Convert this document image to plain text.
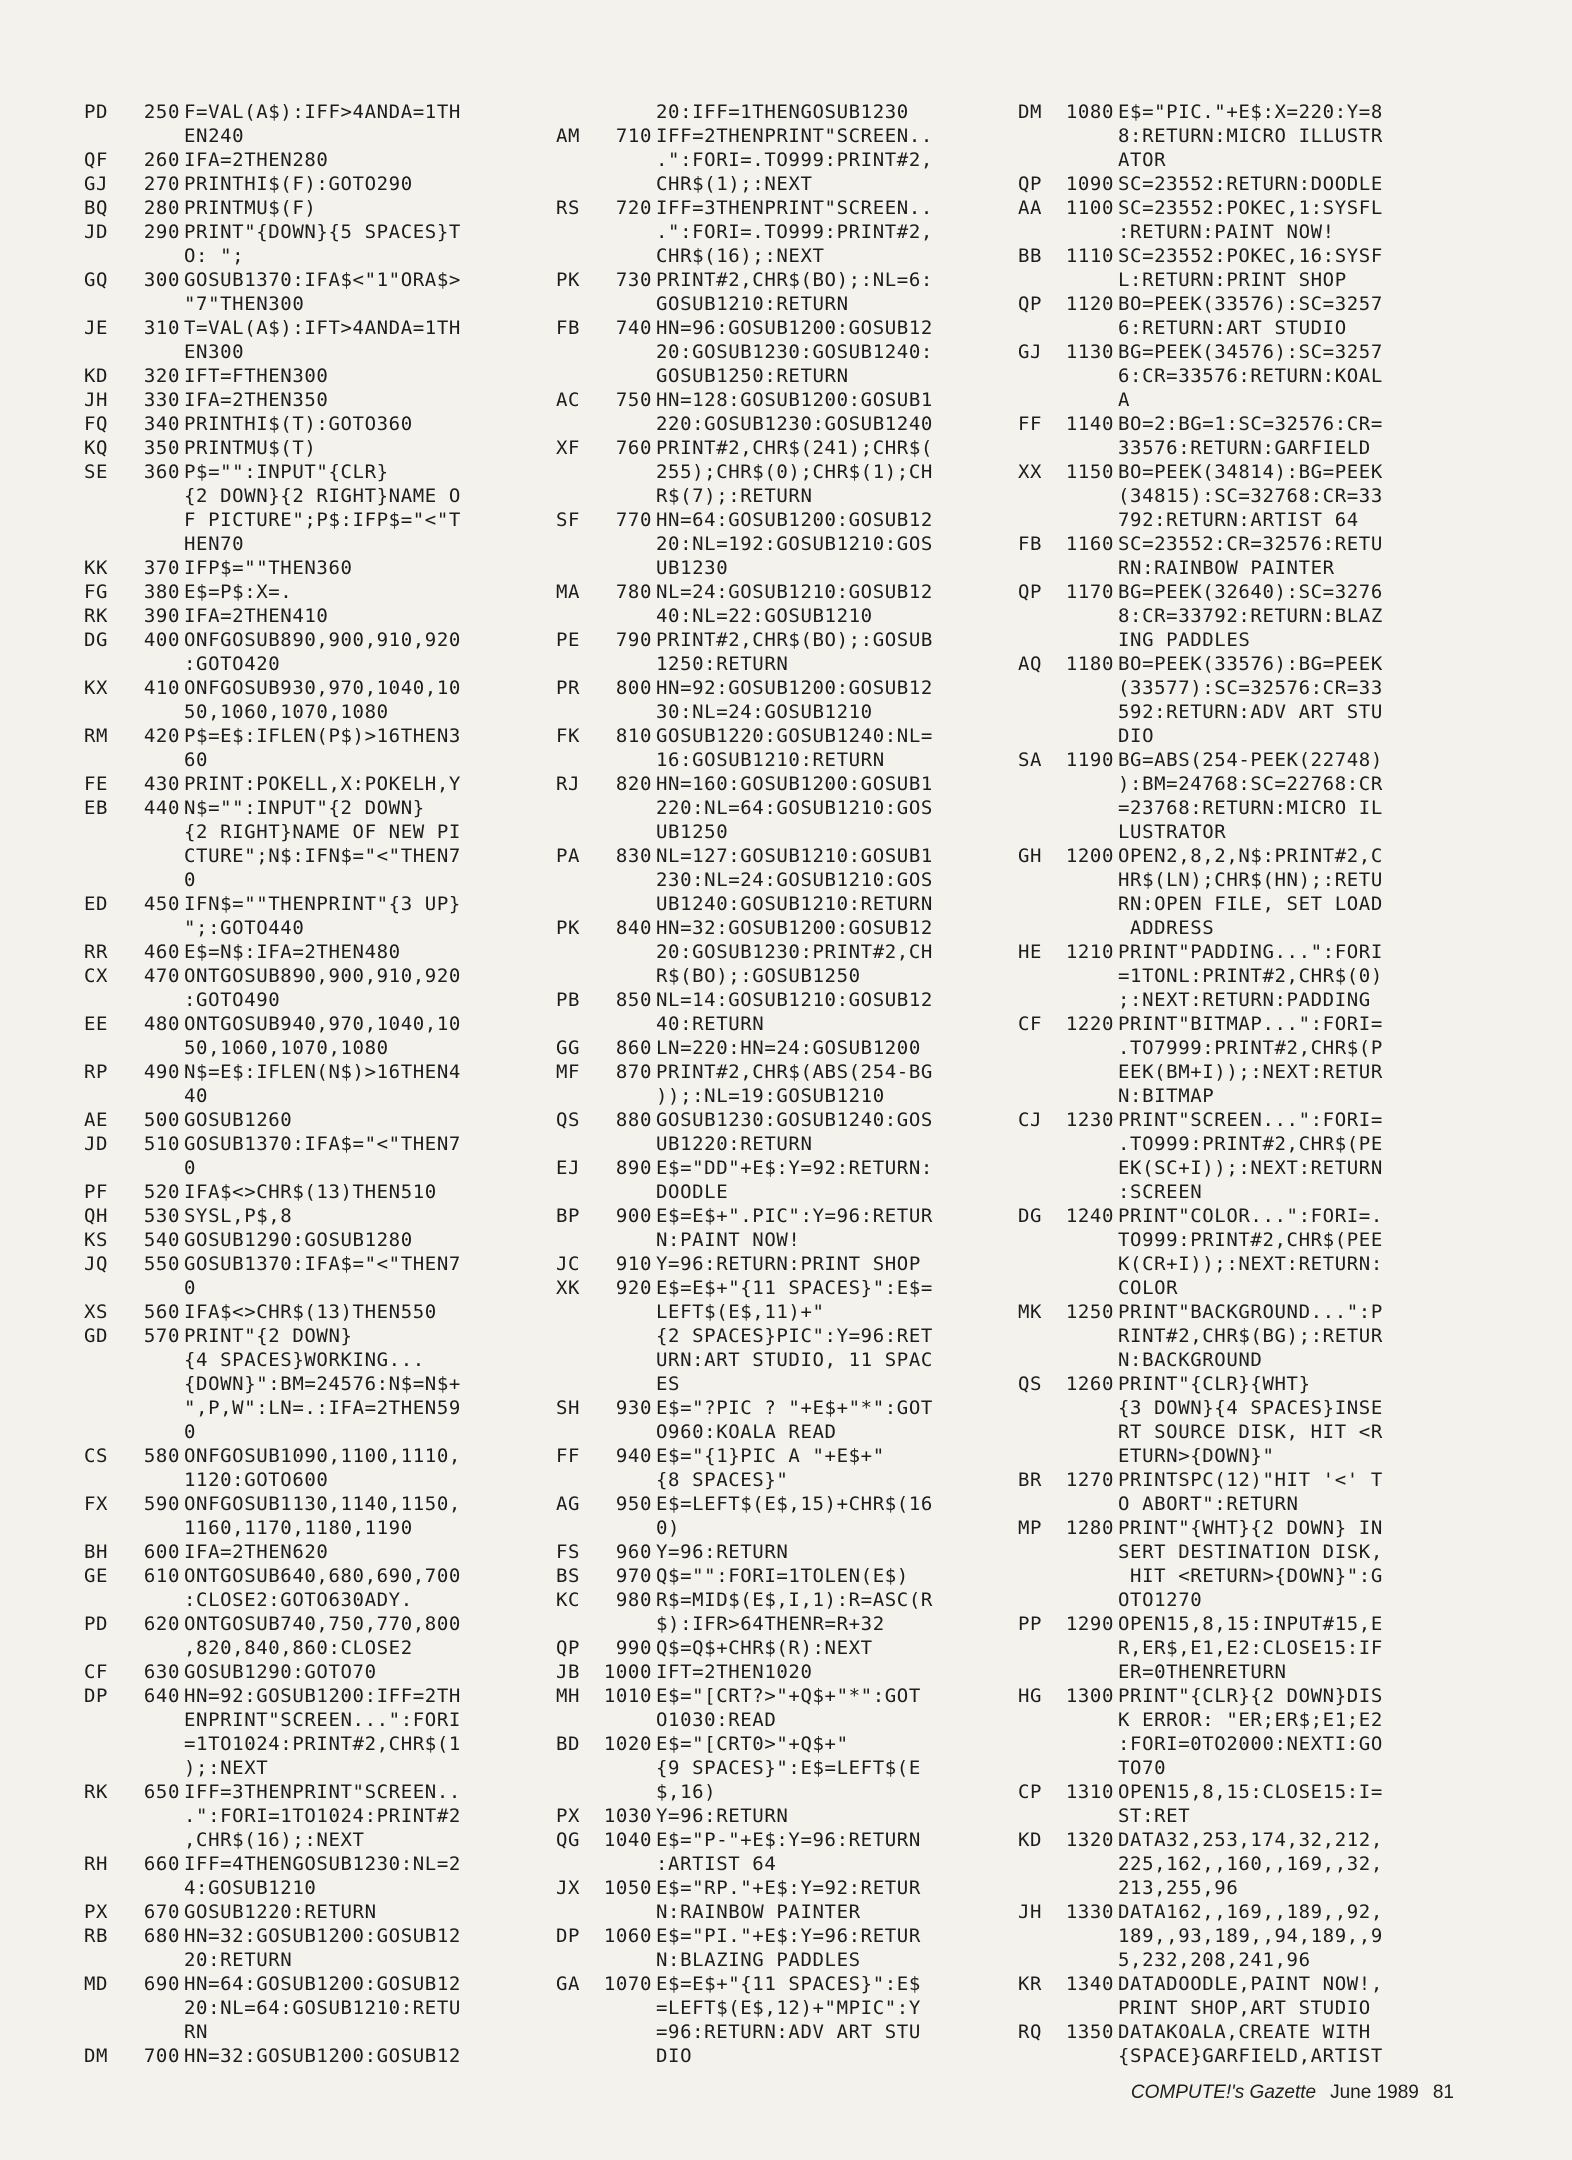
PD	250 F=VAL(A$):IFF>4ANDA=1TH
EN240
QF	260 IFA=2THEN280
GJ	270 PRINTHI$(F):GOTO290
BQ	280 PRINTMU$(F)
JD	290 PRINT"{DOWN}{5 SPACES}T
O: ";
GQ	300 GOSUB1370:IFA$<"1"ORA$>
"7"THEN300
JE	310 T=VAL(A$):IFT>4ANDA=1TH
EN300
KD	320 IFT=FTHEN300
JH	330 IFA=2THEN350
FQ	340 PRINTHI$(T):GOTO360
KQ	350 PRINTMU$(T)
SE	360 P$="":INPUT"{CLR}
{2 DOWN}{2 RIGHT}NAME O
F PICTURE";P$:IFP$="<"T
HEN70
KK	370 IFP$=""THEN360
FG	380 E$=P$:X=.
RK	390 IFA=2THEN410
DG	400 ONFGOSUB890,900,910,920
:GOTO420
KX	410 ONFGOSUB930,970,1040,10
50,1060,1070,1080
RM	420 P$=E$:IFLEN(P$)>16THEN3
60
FE	430 PRINT:POKELL,X:POKELH,Y
EB	440 N$="":INPUT"{2 DOWN}
{2 RIGHT}NAME OF NEW PI
CTURE";N$:IFN$="<"THEN7
0
ED	450 IFN$=""THENPRINT"{3 UP}
";:GOTO440
RR	460 E$=N$:IFA=2THEN480
CX	470 ONTGOSUB890,900,910,920
:GOTO490
EE	480 ONTGOSUB940,970,1040,10
50,1060,1070,1080
RP	490 N$=E$:IFLEN(N$)>16THEN4
40
AE	500 GOSUB1260
JD	510 GOSUB1370:IFA$="<"THEN7
0
PF	520 IFA$<>CHR$(13)THEN510
QH	530 SYSL,P$,8
KS	540 GOSUB1290:GOSUB1280
JQ	550 GOSUB1370:IFA$="<"THEN7
0
XS	560 IFA$<>CHR$(13)THEN550
GD	570 PRINT"{2 DOWN}
{4 SPACES}WORKING...
{DOWN}":BM=24576:N$=N$+
",P,W":LN=.:IFA=2THEN59
0
CS	580 ONFGOSUB1090,1100,1110,
1120:GOTO600
FX	590 ONFGOSUB1130,1140,1150,
1160,1170,1180,1190
BH	600 IFA=2THEN620
GE	610 ONTGOSUB640,680,690,700
:CLOSE2:GOTO630ADY.
PD	620 ONTGOSUB740,750,770,800
,820,840,860:CLOSE2
CF	630 GOSUB1290:GOTO70
DP	640 HN=92:GOSUB1200:IFF=2TH
ENPRINT"SCREEN...":FORI
=1TO1024:PRINT#2,CHR$(1
);:NEXT
RK	650 IFF=3THENPRINT"SCREEN..
.":FORI=1TO1024:PRINT#2
,CHR$(16);:NEXT
RH	660 IFF=4THENGOSUB1230:NL=2
4:GOSUB1210
PX	670 GOSUB1220:RETURN
RB	680 HN=32:GOSUB1200:GOSUB12
20:RETURN
MD	690 HN=64:GOSUB1200:GOSUB12
20:NL=64:GOSUB1210:RETU
RN
DM	700 HN=32:GOSUB1200:GOSUB12
20:IFF=1THENGOSUB1230
AM	710 IFF=2THENPRINT"SCREEN..
.":FORI=.TO999:PRINT#2,
CHR$(1);:NEXT
RS	720 IFF=3THENPRINT"SCREEN..
.":FORI=.TO999:PRINT#2,
CHR$(16);:NEXT
PK	730 PRINT#2,CHR$(BO);:NL=6:
GOSUB1210:RETURN
FB	740 HN=96:GOSUB1200:GOSUB12
20:GOSUB1230:GOSUB1240:
GOSUB1250:RETURN
AC	750 HN=128:GOSUB1200:GOSUB1
220:GOSUB1230:GOSUB1240
XF	760 PRINT#2,CHR$(241);CHR$(
255);CHR$(0);CHR$(1);CH
R$(7);:RETURN
SF	770 HN=64:GOSUB1200:GOSUB12
20:NL=192:GOSUB1210:GOS
UB1230
MA	780 NL=24:GOSUB1210:GOSUB12
40:NL=22:GOSUB1210
PE	790 PRINT#2,CHR$(BO);:GOSUB
1250:RETURN
PR	800 HN=92:GOSUB1200:GOSUB12
30:NL=24:GOSUB1210
FK	810 GOSUB1220:GOSUB1240:NL=
16:GOSUB1210:RETURN
RJ	820 HN=160:GOSUB1200:GOSUB1
220:NL=64:GOSUB1210:GOS
UB1250
PA	830 NL=127:GOSUB1210:GOSUB1
230:NL=24:GOSUB1210:GOS
UB1240:GOSUB1210:RETURN
PK	840 HN=32:GOSUB1200:GOSUB12
20:GOSUB1230:PRINT#2,CH
R$(BO);:GOSUB1250
PB	850 NL=14:GOSUB1210:GOSUB12
40:RETURN
GG	860 LN=220:HN=24:GOSUB1200
MF	870 PRINT#2,CHR$(ABS(254-BG
));:NL=19:GOSUB1210
QS	880 GOSUB1230:GOSUB1240:GOS
UB1220:RETURN
EJ	890 E$="DD"+E$:Y=92:RETURN:
DOODLE
BP	900 E$=E$+".PIC":Y=96:RETUR
N:PAINT NOW!
JC	910 Y=96:RETURN:PRINT SHOP
XK	920 E$=E$+"{11 SPACES}":E$=
LEFT$(E$,11)+"
{2 SPACES}PIC":Y=96:RET
URN:ART STUDIO, 11 SPAC
ES
SH	930 E$="?PIC ? "+E$+"*":GOT
O960:KOALA READ
FF	940 E$="{1}PIC A "+E$+"
{8 SPACES}"
AG	950 E$=LEFT$(E$,15)+CHR$(16
0)
FS	960 Y=96:RETURN
BS	970 Q$="":FORI=1TOLEN(E$)
KC	980 R$=MID$(E$,I,1):R=ASC(R
$):IFR>64THENR=R+32
QP	990 Q$=Q$+CHR$(R):NEXT
JB	1000 IFT=2THEN1020
MH	1010 E$="[CRT?>"+Q$+"*":GOT
O1030:READ
BD	1020 E$="[CRT0>"+Q$+"
{9 SPACES}":E$=LEFT$(E
$,16)
PX	1030 Y=96:RETURN
QG	1040 E$="P-"+E$:Y=96:RETURN
:ARTIST 64
JX	1050 E$="RP."+E$:Y=92:RETUR
N:RAINBOW PAINTER
DP	1060 E$="PI."+E$:Y=96:RETUR
N:BLAZING PADDLES
GA	1070 E$=E$+"{11 SPACES}":E$
=LEFT$(E$,12)+"MPIC":Y
=96:RETURN:ADV ART STU
DIO
DM	1080 E$="PIC."+E$:X=220:Y=8
8:RETURN:MICRO ILLUSTR
ATOR
QP	1090 SC=23552:RETURN:DOODLE
AA	1100 SC=23552:POKEC,1:SYSFL
:RETURN:PAINT NOW!
BB	1110 SC=23552:POKEC,16:SYSF
L:RETURN:PRINT SHOP
QP	1120 BO=PEEK(33576):SC=3257
6:RETURN:ART STUDIO
GJ	1130 BG=PEEK(34576):SC=3257
6:CR=33576:RETURN:KOAL
A
FF	1140 BO=2:BG=1:SC=32576:CR=
33576:RETURN:GARFIELD
XX	1150 BO=PEEK(34814):BG=PEEK
(34815):SC=32768:CR=33
792:RETURN:ARTIST 64
FB	1160 SC=23552:CR=32576:RETU
RN:RAINBOW PAINTER
QP	1170 BG=PEEK(32640):SC=3276
8:CR=33792:RETURN:BLAZ
ING PADDLES
AQ	1180 BO=PEEK(33576):BG=PEEK
(33577):SC=32576:CR=33
592:RETURN:ADV ART STU
DIO
SA	1190 BG=ABS(254-PEEK(22748)
):BM=24768:SC=22768:CR
=23768:RETURN:MICRO IL
LUSTRATOR
GH	1200 OPEN2,8,2,N$:PRINT#2,C
HR$(LN);CHR$(HN);:RETU
RN:OPEN FILE, SET LOAD
ADDRESS
HE	1210 PRINT"PADDING...":FORI
=1TONL:PRINT#2,CHR$(0)
;:NEXT:RETURN:PADDING
CF	1220 PRINT"BITMAP...":FORI=
.TO7999:PRINT#2,CHR$(P
EEK(BM+I));:NEXT:RETUR
N:BITMAP
CJ	1230 PRINT"SCREEN...":FORI=
.TO999:PRINT#2,CHR$(PE
EK(SC+I));:NEXT:RETURN
:SCREEN
DG	1240 PRINT"COLOR...":FORI=.
TO999:PRINT#2,CHR$(PEE
K(CR+I));:NEXT:RETURN:
COLOR
MK	1250 PRINT"BACKGROUND...":P
RINT#2,CHR$(BG);:RETUR
N:BACKGROUND
QS	1260 PRINT"{CLR}{WHT}
{3 DOWN}{4 SPACES}INSE
RT SOURCE DISK, HIT <R
ETURN>{DOWN}"
BR	1270 PRINTSPC(12)"HIT '<' T
O ABORT":RETURN
MP	1280 PRINT"{WHT}{2 DOWN} IN
SERT DESTINATION DISK,
HIT <RETURN>{DOWN}":G
OTO1270
PP	1290 OPEN15,8,15:INPUT#15,E
R,ER$,E1,E2:CLOSE15:IF
ER=0THENRETURN
HG	1300 PRINT"{CLR}{2 DOWN}DIS
K ERROR: "ER;ER$;E1;E2
:FORI=0TO2000:NEXTI:GO
TO70
CP	1310 OPEN15,8,15:CLOSE15:I=
ST:RET
KD	1320 DATA32,253,174,32,212,
225,162,,160,,169,,32,
213,255,96
JH	1330 DATA162,,169,,189,,92,
189,,93,189,,94,189,,9
5,232,208,241,96
KR	1340 DATADOODLE,PAINT NOW!,
PRINT SHOP,ART STUDIO
RQ	1350 DATAKOALA,CREATE WITH
{SPACE}GARFIELD,ARTIST
COMPUTE!'s Gazette June 1989 81
